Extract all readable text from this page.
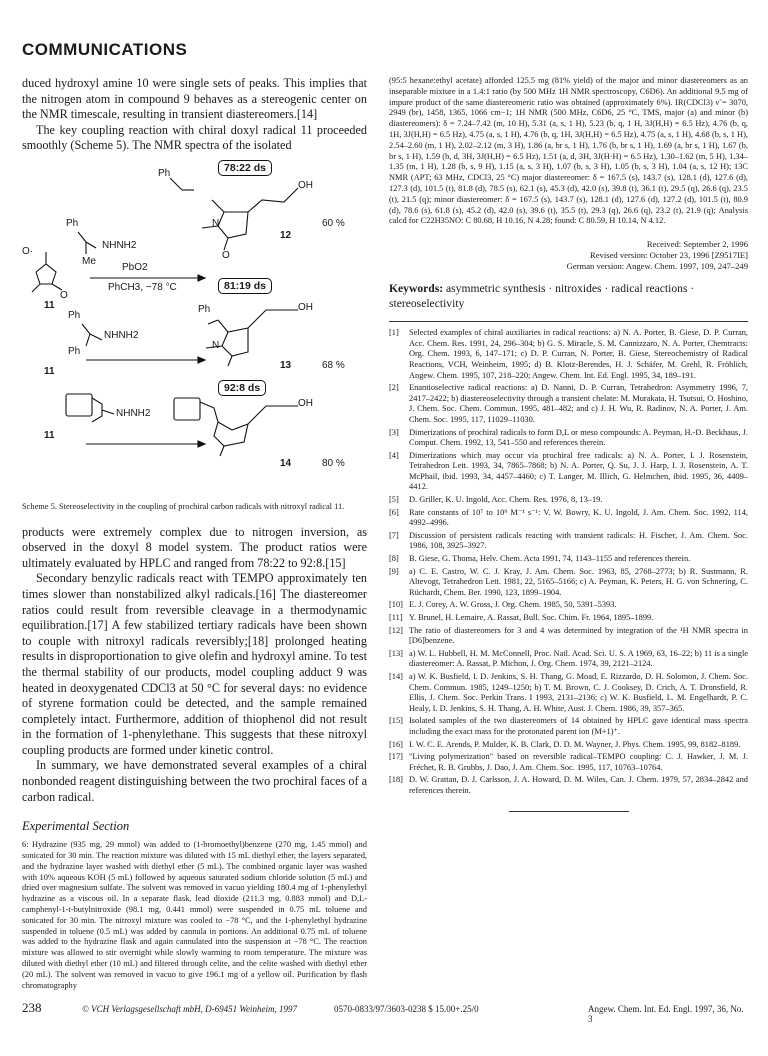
COMMUNICATIONS

duced hydroxyl amine 10 were single sets of peaks. This implies that the nitrogen atom in compound 9 behaves as a stereogenic center on the NMR timescale, resulting in transient diastereomers.[14]

The key coupling reaction with chiral doxyl radical 11 proceeded smoothly (Scheme 5). The NMR spectra of the isolated

78:22 ds
81:19 ds
92:8 ds
Ph
Ph
NHNH2
Me
O·
O
N
O
OH
PbO2
PhCH3, −78 °C
11
12
60 %
Ph
NHNH2
Ph
Ph	OH
N
11
13	68 %
NHNH2
OH
11
14	80 %

Scheme 5. Stereoselectivity in the coupling of prochiral carbon radicals with nitroxyl radical 11.

products were extremely complex due to nitrogen inversion, as observed in the doxyl 8 model system. The product ratios were ultimately evaluated by HPLC and ranged from 78:22 to 92:8.[15]

Secondary benzylic radicals react with TEMPO approximately ten times slower than nonstabilized alkyl radicals.[16] The diastereomer ratios could result from reversible cleavage in a thermodynamic equilibration.[17] A few stabilized tertiary radicals have been shown to couple with nitroxyl radicals reversibly;[18] prolonged heating results in disproportionation to give olefin and hydroxyl amine. To test the thermal stability of our products, model coupling adduct 9 was heated in deoxygenated CDCl3 at 50 °C for several days: no evidence of styrene formation could be detected, and the sample remained completely intact. Furthermore, addition of thiophenol did not result in the formation of 1-phenylethane. This suggests that these nitroxyl coupling products are formed under kinetic control.

In summary, we have demonstrated several examples of a chiral nonbonded reagent distinguishing between the two prochiral faces of a carbon radical.

Experimental Section

6: Hydrazine (935 mg, 29 mmol) was added to (1-bromoethyl)benzene (270 mg, 1.45 mmol) and sonicated for 30 min. The reaction mixture was diluted with 15 mL diethyl ether, the layers separated, and the hydrazine layer washed with diethyl ether (5 mL). The combined organic layer was washed with 10% aqueous KOH (5 mL) followed by aqueous saturated sodium chloride solution (5 mL) and dried over magnesium sulfate. The solvent was removed in vacuo yielding 180.4 mg of 1-phenylethyl hydrazine as a viscous oil. In a separate flask, lead dioxide (211.3 mg, 0.883 mmol) and D,L-camphenyl-1-t-butylnitroxide (98.1 mg, 0.441 mmol) were suspended in 0.75 mL toluene and sonicated for 30 min. The nitroxyl mixture was cooled to −78 °C, and the 1-phenylethyl hydrazine suspended in toluene (0.5 mL) was added by cannula in portions. An additional 0.75 mL of toluene was added to the hydrazine flask and again cannulated into the suspension at −78 °C. The reaction mixture was allowed to stir overnight while slowly warming to room temperature. The mixture was diluted with diethyl ether (10 mL) and filtered through celite, and the celite washed with diethyl ether (20 mL). The solvent was removed in vacuo to give 196.1 mg of a yellow oil. Purification by flash chromatography

(95:5 hexane:ethyl acetate) afforded 125.5 mg (81% yield) of the major and minor diastereomers as an inseparable mixture in a 1.4:1 ratio (by 500 MHz 1H NMR spectroscopy, C6D6). An additional 9.5 mg of impure product of the same diastereomeric ratio was obtained (approximately 6%). IR(CDCl3) ν̃ = 3070, 2949 (br), 1458, 1365, 1066 cm−1; 1H NMR (500 MHz, C6D6, 25 °C, TMS, major (a) and minor (b) diastereomers): δ = 7.24–7.42 (m, 10 H), 5.31 (a, s, 1 H), 5.23 (b, q, 1 H, 3J(H,H) = 6.5 Hz), 4.76 (b, q, 1H, 3J(H,H) = 6.5 Hz), 4.75 (a, s, 1 H), 4.76 (b, q, 1H, 3J(H,H) = 6.5 Hz), 4.75 (a, s, 1 H), 4.68 (b, s, 1 H), 2.54–2.60 (m, 1 H), 2.02–2.12 (m, 3 H), 1.86 (a, br s, 1 H), 1.76 (b, br s, 1 H), 1.69 (a, br s, 1 H), 1.67 (b, br s, 1 H), 1.59 (b, d, 3H, 3J(H,H) = 6.5 Hz), 1.51 (a, d, 3H, 3J(H·H) = 6.5 Hz), 1.30–1.62 (m, 5 H), 1.34–1.35 (m, 1 H), 1.28 (b, s, 9 H), 1.15 (a, s, 3 H), 1.07 (b, s, 3 H), 1.05 (b, s, 3 H), 1.04 (a, s, 12 H); 13C NMR (APT; 63 MHz, CDCl3, 25 °C) major diastereomer: δ = 167.5 (s), 143.7 (s), 128.1 (d), 127.6 (d), 127.3 (d), 101.5 (t), 81.8 (d), 78.5 (s), 62.1 (s), 45.3 (d), 42.0 (s), 39.8 (t), 36.1 (t), 29.5 (q), 26.6 (q), 23.5 (t), 21.5 (q); minor diastereomer: δ = 167.5 (s), 143.7 (s), 128.1 (d), 127.6 (d), 127.2 (d), 101.5 (t), 80.9 (d), 78.6 (s), 61.8 (s), 45.2 (d), 42.0 (s), 39.6 (t), 35.5 (t), 29.3 (q), 26.6 (q), 23.2 (t), 21.9 (q); Analysis calcd for C22H35NO: C 80.68, H 10.16, N 4.28; found: C 80.59, H 10.14, N 4.12.

Received: September 2, 1996
Revised version: October 23, 1996 [Z9517IE]
German version: Angew. Chem. 1997, 109, 247–249

Keywords: asymmetric synthesis · nitroxides · radical reactions · stereoselectivity

[1]	Selected examples of chiral auxiliaries in radical reactions: a) N. A. Porter, B. Giese, D. P. Curran, Acc. Chem. Res. 1991, 24, 296–304; b) G. S. Miracle, S. M. Cannizzaro, N. A. Porter, Chemtracts: Org. Chem. 1993, 6, 147–171; c) D. P. Curran, N. Porter, B. Giese, Stereochemistry of Radical Reactions, VCH, Weinheim, 1995; d) B. Klotz-Berendes, H. J. Schäfer, M. Grehl, R. Fröhlich, Angew. Chem. 1995, 107, 218–220; Angew. Chem. Int. Ed. Engl. 1995, 34, 189–191.
[2]	Enantioselective radical reactions: a) D. Nanni, D. P. Curran, Tetrahedron: Asymmetry 1996, 7, 2417–2422; b) diastereoselectivity through a transient chelate: M. Murakata, H. Tsutsui, O. Hoshino, J. Chem. Soc. Chem. Commun. 1995, 481–482; and c) J. H. Wu, R. Radinov, N. A. Porter, J. Am. Chem. Soc. 1995, 117, 11029–11030.
[3]	Dimerizations of prochiral radicals to form D,L or meso compounds: A. Peyman, H.-D. Beckhaus, J. Comput. Chem. 1992, 13, 541–550 and references therein.
[4]	Dimerizations which may occur via prochiral free radicals: a) N. A. Porter, I. J. Rosenstein, Tetrahedron Lett. 1993, 34, 7865–7868; b) N. A. Porter, Q. Su, J. J. Harp, I. J. Rosenstein, A. T. McPhail, ibid. 1993, 34, 4457–4460; c) T. Langer, M. Illich, G. Helmchen, ibid. 1995, 36, 4409–4412.
[5]	D. Griller, K. U. Ingold, Acc. Chem. Res. 1976, 8, 13–19.
[6]	Rate constants of 10⁷ to 10⁹ M⁻¹ s⁻¹: V. W. Bowry, K. U. Ingold, J. Am. Chem. Soc. 1992, 114, 4992–4996.
[7]	Discussion of persistent radicals reacting with transient radicals: H. Fischer, J. Am. Chem. Soc. 1986, 108, 3925–3927.
[8]	B. Giese, G. Thoma, Helv. Chem. Acta 1991, 74, 1143–1155 and references therein.
[9]	a) C. E. Castro, W. C. J. Kray, J. Am. Chem. Soc. 1963, 85, 2768–2773; b) R. Sustmann, R. Altevogt, Tetrahedron Lett. 1981, 22, 5165–5166; c) A. Peyman, K. Peters, H. G. von Schnering, C. Rüchardt, Chem. Ber. 1990, 123, 1899–1904.
[10] E. J. Corey, A. W. Gross, J. Org. Chem. 1985, 50, 5391–5393.
[11] Y. Brunel, H. Lemaire, A. Rassat, Bull. Soc. Chim. Fr. 1964, 1895–1899.
[12] The ratio of diastereomers for 3 and 4 was determined by integration of the ¹H NMR spectra in [D6]benzene.
[13] a) W. L. Hubbell, H. M. McConnell, Proc. Natl. Acad. Sci. U. S. A 1969, 63, 16–22; b) 11 is a single diastereomer: A. Rassat, P. Michon, J. Org. Chem. 1974, 39, 2121–2124.
[14] a) W. K. Busfield, I. D. Jenkins, S. H. Thang, G. Moad, E. Rizzardo, D. H. Solomon, J. Chem. Soc. Chem. Commun. 1985, 1249–1250; b) T. M. Brown, C. J. Cooksey, D. Crich, A. T. Dronsfield, R. Ellis, J. Chem. Soc. Perkin Trans. I 1993, 2131–2136; c) W. K. Busfield, L. M. Engelhardt, P. C. Healy, I. D. Jenkins, S. H. Thang, A. H. White, Aust. J. Chem. 1986, 39, 357–365.
[15] Isolated samples of the two diastereomers of 14 obtained by HPLC gave identical mass spectra including the exact mass for the protonated parent ion (M+1)⁺.
[16] I. W. C. E. Arends, P. Mulder, K. B. Clark, D. D. M. Wayner, J. Phys. Chem. 1995, 99, 8182–8189.
[17] "Living polymerization" based on reversible radical–TEMPO coupling: C. J. Hawker, J. M. J. Fréchet, R. B. Grubbs, J. Dao, J. Am. Chem. Soc. 1995, 117, 10763–10764.
[18] D. W. Grattan, D. J. Carlsson, J. A. Howard, D. M. Wiles, Can. J. Chem. 1979, 57, 2834–2842 and references therein.
238	© VCH Verlagsgesellschaft mbH, D-69451 Weinheim, 1997	0570-0833/97/3603-0238 $ 15.00+.25/0	Angew. Chem. Int. Ed. Engl. 1997, 36, No. 3
